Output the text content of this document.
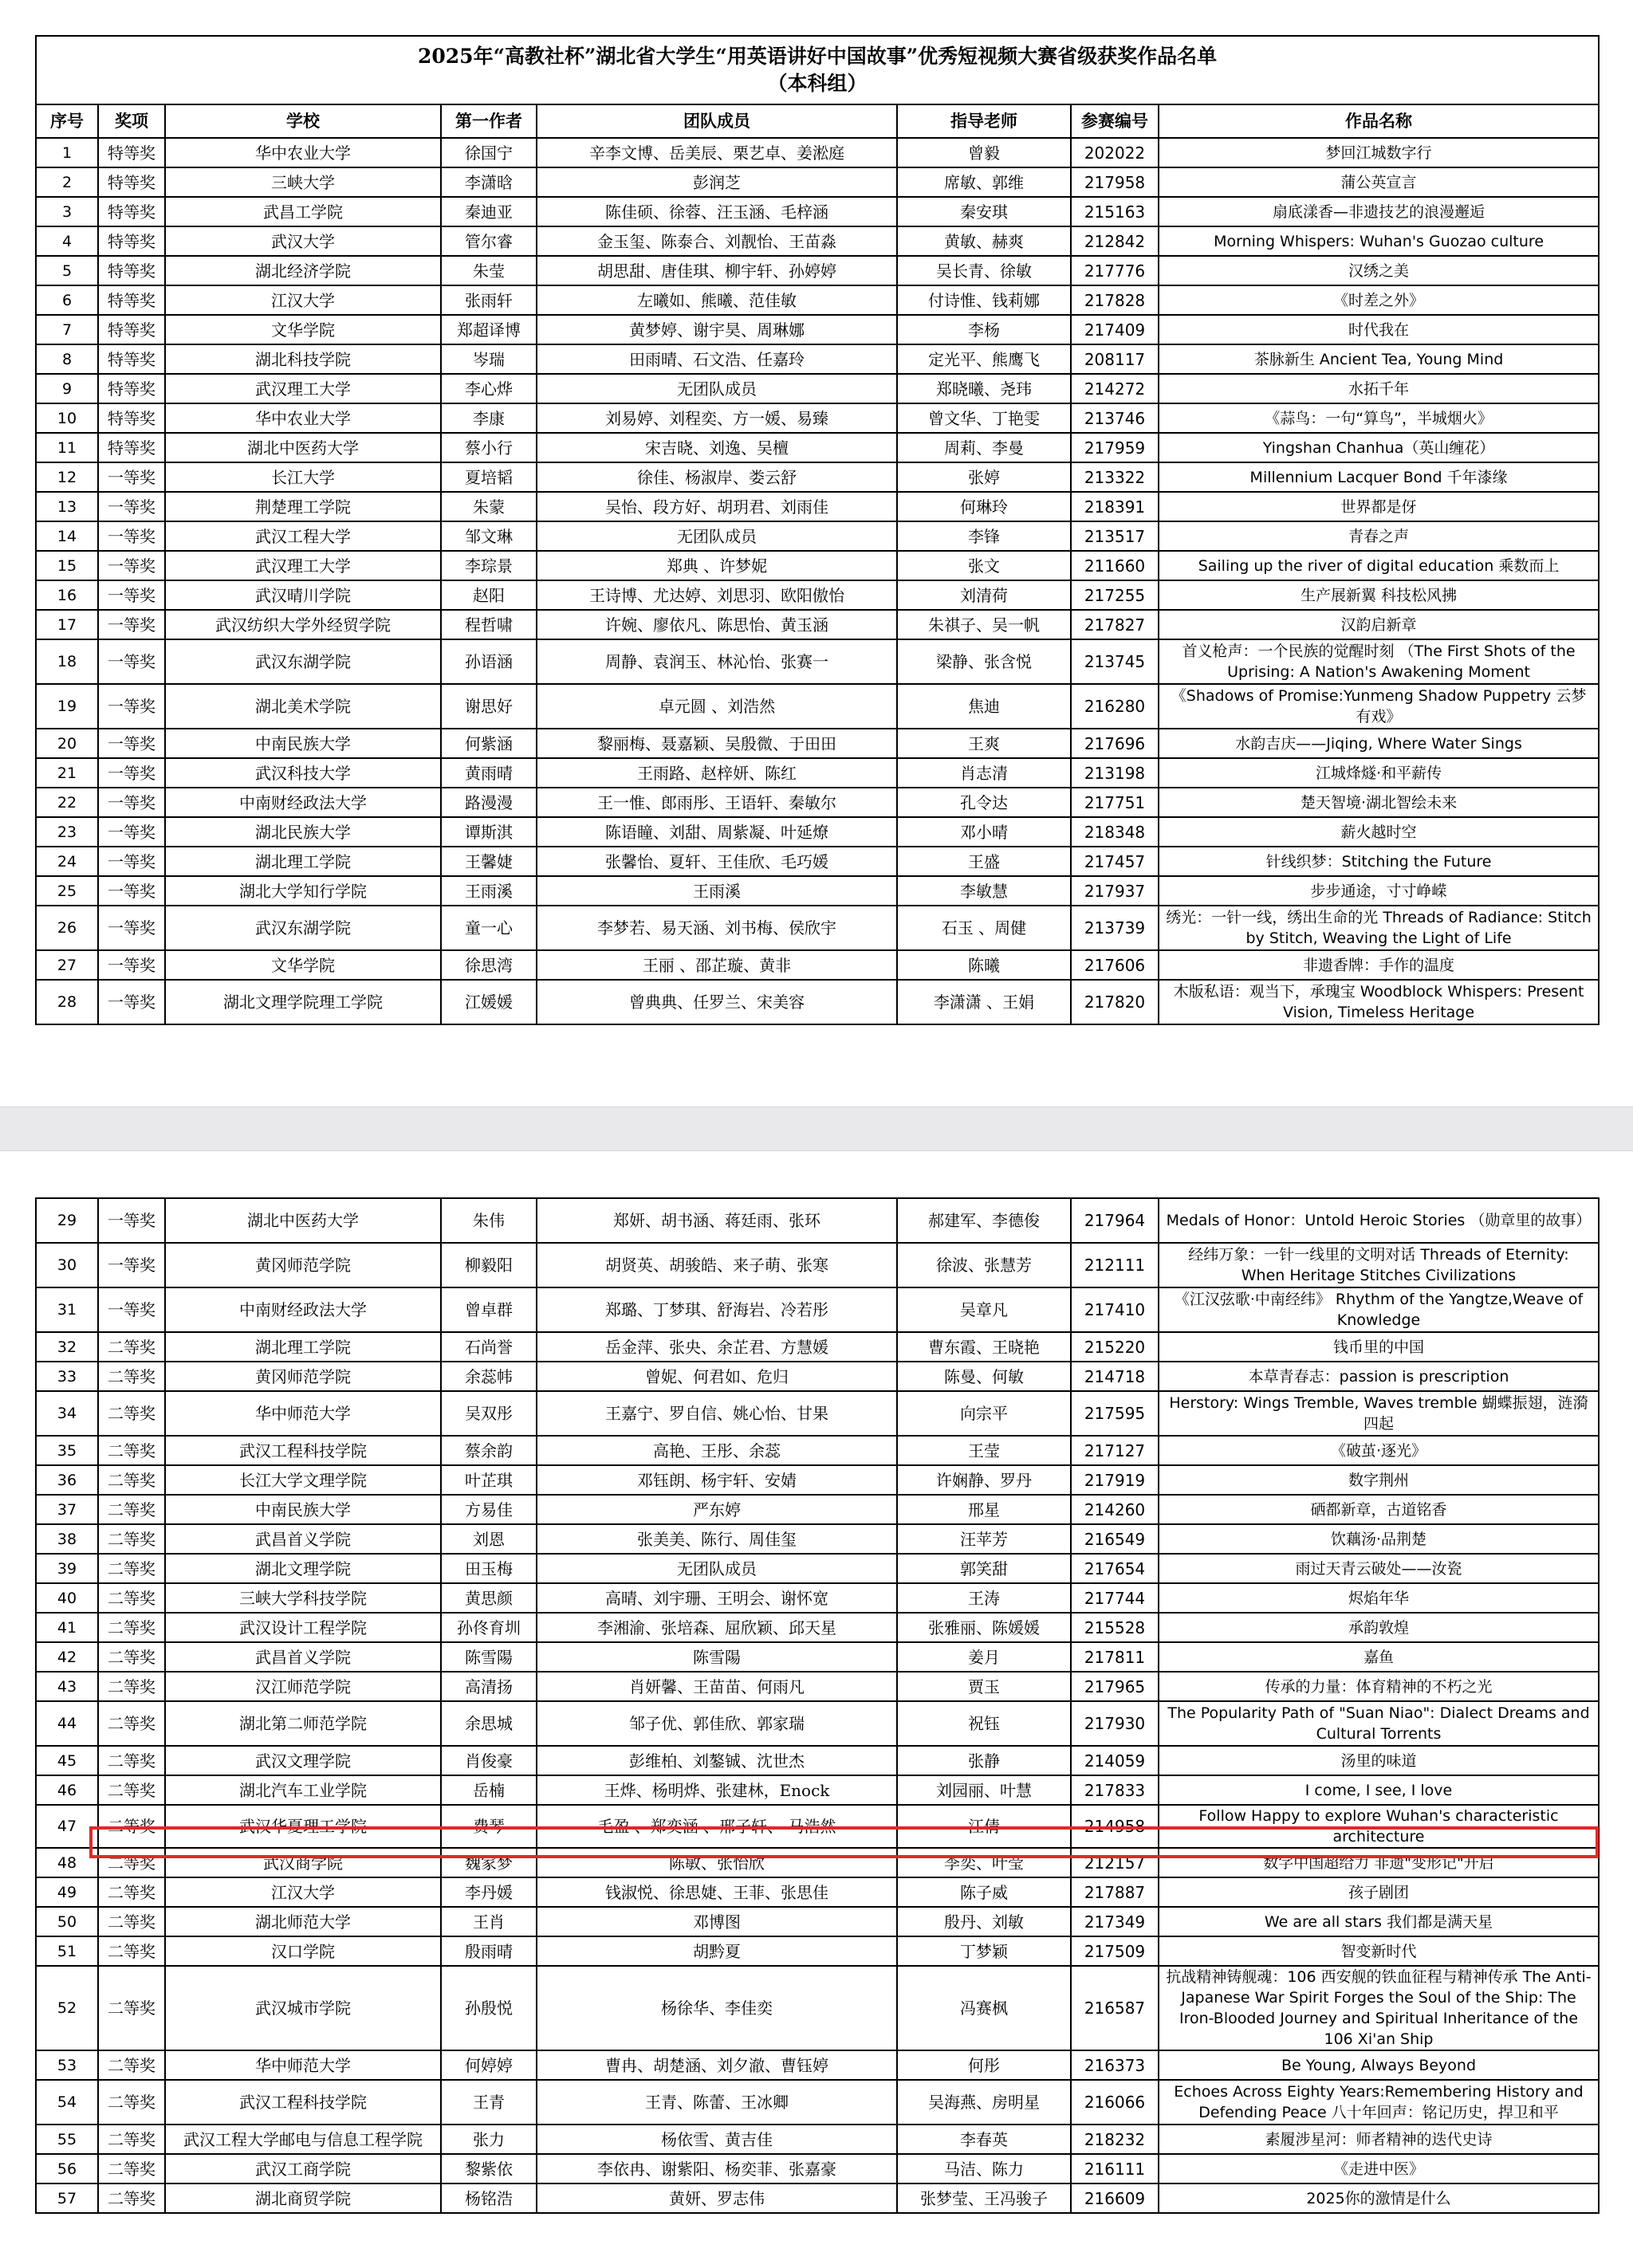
2025年“高教社杯”湖北省大学生“用英语讲好中国故事”优秀短视频大赛省级获奖作品名单
（本科组）							

序号	奖项	学校	第一作者	团队成员	指导老师	参赛编号	作品名称
1	特等奖	华中农业大学	徐国宁	辛李文博、岳美辰、栗艺卓、姜淞庭	曾毅	202022	梦回江城数字行
2	特等奖	三峡大学	李潇晗	彭润芝	席敏、郭维	217958	蒲公英宣言
3	特等奖	武昌工学院	秦迪亚	陈佳硕、徐蓉、汪玉涵、毛梓涵	秦安琪	215163	扇底漾香—非遗技艺的浪漫邂逅
4	特等奖	武汉大学	管尔睿	金玉玺、陈泰合、刘靓怡、王苗淼	黄敏、赫爽	212842	Morning Whispers: Wuhan's Guozao culture
5	特等奖	湖北经济学院	朱莹	胡思甜、唐佳琪、柳宇轩、孙婷婷	吴长青、徐敏	217776	汉绣之美
6	特等奖	江汉大学	张雨轩	左曦如、熊曦、范佳敏	付诗惟、钱莉娜	217828	《时差之外》
7	特等奖	文华学院	郑超译博	黄梦婷、谢宇昊、周琳娜	李杨	217409	时代我在
8	特等奖	湖北科技学院	岑瑞	田雨晴、石文浩、任嘉玲	定光平、熊鹰飞	208117	茶脉新生 Ancient Tea, Young Mind
9	特等奖	武汉理工大学	李心烨	无团队成员	郑晓曦、尧玮	214272	水拓千年
10	特等奖	华中农业大学	李康	刘易婷、刘程奕、方一媛、易臻	曾文华、丁艳雯	213746	《蒜鸟：一句“算鸟”，半城烟火》
11	特等奖	湖北中医药大学	蔡小行	宋吉晓、刘逸、吴檀	周莉、李曼	217959	Yingshan Chanhua（英山缠花）
12	一等奖	长江大学	夏培韬	徐佳、杨淑岸、娄云舒	张婷	213322	Millennium Lacquer Bond 千年漆缘
13	一等奖	荆楚理工学院	朱蒙	吴怡、段方好、胡玥君、刘雨佳	何琳玲	218391	世界都是伢
14	一等奖	武汉工程大学	邹文琳	无团队成员	李锋	213517	青春之声
15	一等奖	武汉理工大学	李琮景	郑典 、许梦妮	张文	211660	Sailing up the river of digital education 乘数而上
16	一等奖	武汉晴川学院	赵阳	王诗博、尤达婷、刘思羽、欧阳傲怡	刘清荷	217255	生产展新翼 科技松风拂
17	一等奖	武汉纺织大学外经贸学院	程哲啸	许婉、廖依凡、陈思怡、黄玉涵	朱祺子、吴一帆	217827	汉韵启新章
18	一等奖	武汉东湖学院	孙语涵	周静、袁润玉、林沁怡、张赛一	梁静、张含悦	213745	首义枪声：一个民族的觉醒时刻 （The First Shots of the Uprising: A Nation's Awakening Moment
19	一等奖	湖北美术学院	谢思好	卓元圆 、刘浩然	焦迪	216280	《Shadows of Promise:Yunmeng Shadow Puppetry 云梦有戏》
20	一等奖	中南民族大学	何紫涵	黎丽梅、聂嘉颖、吴殷微、于田田	王爽	217696	水韵吉庆——Jiqing, Where Water Sings
21	一等奖	武汉科技大学	黄雨晴	王雨路、赵梓妍、陈红	肖志清	213198	江城烽燧·和平薪传
22	一等奖	中南财经政法大学	路漫漫	王一惟、郎雨彤、王语轩、秦敏尔	孔令达	217751	楚天智境·湖北智绘未来
23	一等奖	湖北民族大学	谭斯淇	陈语瞳、刘甜、周紫凝、叶延燎	邓小晴	218348	薪火越时空
24	一等奖	湖北理工学院	王馨婕	张馨怡、夏轩、王佳欣、毛巧媛	王盛	217457	针线织梦：Stitching the Future
25	一等奖	湖北大学知行学院	王雨溪	王雨溪	李敏慧	217937	步步通途，寸寸峥嵘
26	一等奖	武汉东湖学院	童一心	李梦若、易天涵、刘书梅、侯欣宇	石玉 、周健	213739	绣光：一针一线，绣出生命的光 Threads of Radiance: Stitch by Stitch, Weaving the Light of Life
27	一等奖	文华学院	徐思湾	王丽 、邵芷璇、黄非	陈曦	217606	非遗香牌：手作的温度
28	一等奖	湖北文理学院理工学院	江媛媛	曾典典、任罗兰、宋美容	李潇潇 、王娟	217820	木版私语：观当下，承瑰宝 Woodblock Whispers: Present Vision, Timeless Heritage
29	一等奖	湖北中医药大学	朱伟	郑妍、胡书涵、蒋廷雨、张环	郝建军、李德俊	217964	Medals of Honor：Untold Heroic Stories （勋章里的故事）
30	一等奖	黄冈师范学院	柳毅阳	胡贤英、胡骏皓、来子萌、张寒	徐波、张慧芳	212111	经纬万象：一针一线里的文明对话 Threads of Eternity: When Heritage Stitches Civilizations
31	一等奖	中南财经政法大学	曾卓群	郑璐、丁梦琪、舒海岩、冷若彤	吴章凡	217410	《江汉弦歌·中南经纬》 Rhythm of the Yangtze,Weave of Knowledge
32	二等奖	湖北理工学院	石尚誉	岳金萍、张央、余芷君、方慧媛	曹东霞、王晓艳	215220	钱币里的中国
33	二等奖	黄冈师范学院	余蕊帏	曾妮、何君如、危归	陈曼、何敏	214718	本草青春志：passion is prescription
34	二等奖	华中师范大学	吴双彤	王嘉宁、罗自信、姚心怡、甘果	向宗平	217595	Herstory: Wings Tremble, Waves tremble 蝴蝶振翅，涟漪四起
35	二等奖	武汉工程科技学院	蔡余韵	高艳、王彤、余蕊	王莹	217127	《破茧·逐光》
36	二等奖	长江大学文理学院	叶芷琪	邓钰朗、杨宇轩、安婧	许娴静、罗丹	217919	数字荆州
37	二等奖	中南民族大学	方易佳	严东婷	邢星	214260	硒都新章，古道铭香
38	二等奖	武昌首义学院	刘恩	张美美、陈行、周佳玺	汪苹芳	216549	饮藕汤·品荆楚
39	二等奖	湖北文理学院	田玉梅	无团队成员	郭笑甜	217654	雨过天青云破处——汝瓷
40	二等奖	三峡大学科技学院	黄思颜	高晴、刘宇珊、王明会、谢怀宽	王涛	217744	烬焰年华
41	二等奖	武汉设计工程学院	孙佟育圳	李湘渝、张培森、屈欣颖、邱天星	张雅丽、陈媛媛	215528	承韵敦煌
42	二等奖	武昌首义学院	陈雪陽	陈雪陽	姜月	217811	嘉鱼
43	二等奖	汉江师范学院	高清扬	肖妍馨、王苗苗、何雨凡	贾玉	217965	传承的力量：体育精神的不朽之光
44	二等奖	湖北第二师范学院	余思城	邹子优、郭佳欣、郭家瑞	祝钰	217930	The Popularity Path of "Suan Niao": Dialect Dreams and Cultural Torrents
45	二等奖	武汉文理学院	肖俊豪	彭维柏、刘鏊铖、沈世杰	张静	214059	汤里的味道
46	二等奖	湖北汽车工业学院	岳楠	王烨、杨明烨、张建林，Enock	刘园丽、叶慧	217833	I come, I see, I love
47	二等奖	武汉华夏理工学院	费琴	毛盈 、郑奕涵 、邢子轩、 马浩然	江倩	214958	Follow Happy to explore Wuhan's characteristic architecture
48	二等奖	武汉商学院	魏家梦	陈敏、张怡欣	李奕、叶莹	212157	数字中国超给力 非遗"变形记"开启
49	二等奖	江汉大学	李丹媛	钱淑悦、徐思婕、王菲、张思佳	陈子威	217887	孩子剧团
50	二等奖	湖北师范大学	王肖	邓博图	殷丹、刘敏	217349	We are all stars 我们都是满天星
51	二等奖	汉口学院	殷雨晴	胡黔夏	丁梦颖	217509	智变新时代
52	二等奖	武汉城市学院	孙殷悦	杨徐华、李佳奕	冯赛枫	216587	抗战精神铸舰魂：106 西安舰的铁血征程与精神传承 The Anti-Japanese War Spirit Forges the Soul of the Ship: The Iron-Blooded Journey and Spiritual Inheritance of the 106 Xi'an Ship
53	二等奖	华中师范大学	何婷婷	曹冉、胡楚涵、刘夕澈、曹钰婷	何彤	216373	Be Young, Always Beyond
54	二等奖	武汉工程科技学院	王青	王青、陈蕾、王冰卿	吴海燕、房明星	216066	Echoes Across Eighty Years:Remembering History and Defending Peace 八十年回声：铭记历史，捍卫和平
55	二等奖	武汉工程大学邮电与信息工程学院	张力	杨依雪、黄吉佳	李春英	218232	素履涉星河：师者精神的迭代史诗
56	二等奖	武汉工商学院	黎紫依	李依冉、谢紫阳、杨奕菲、张嘉豪	马洁、陈力	216111	《走进中医》
57	二等奖	湖北商贸学院	杨铭浩	黄妍、罗志伟	张梦莹、王冯骏子	216609	2025你的激情是什么
